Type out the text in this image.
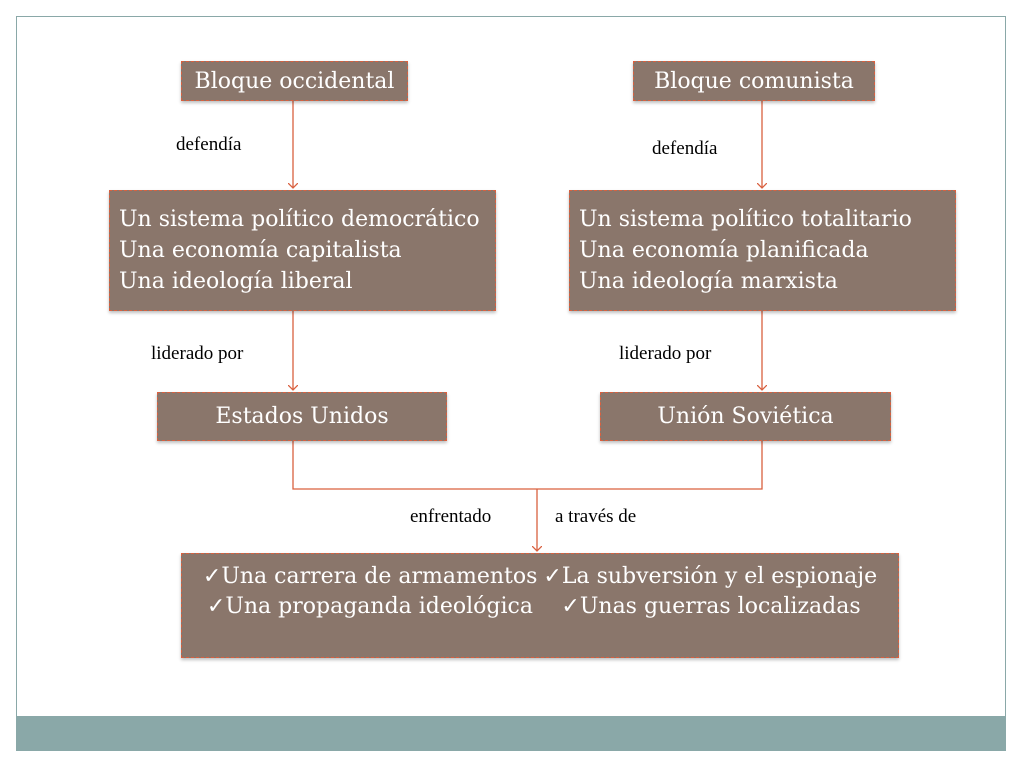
Bloque occidental
defendía
Un sistema político democrático
Una economía capitalista
Una ideología liberal
liderado por
Estados Unidos
Bloque comunista
defendía
Un sistema político totalitario
Una economía planificada
Una ideología marxista
liderado por
Unión Soviética
enfrentado	a través de
✓Una carrera de armamentos ✓La subversión y el espionaje
✓Una propaganda ideológica	✓Unas guerras localizadas
